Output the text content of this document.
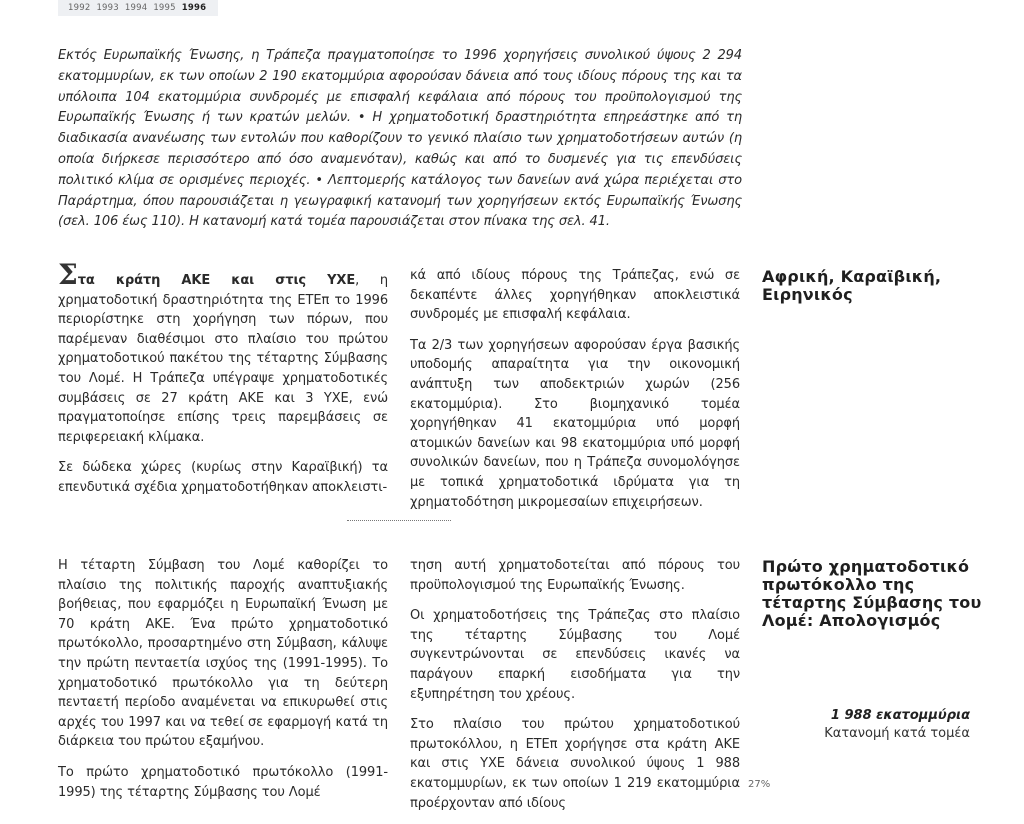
1992 1993 1994 1995 1996

Εκτός Ευρωπαϊκής Ένωσης, η Τράπεζα πραγματοποίησε το 1996 χορηγήσεις συνολικού ύψους 2 294 εκατομμυρίων, εκ των οποίων 2 190 εκατομμύρια αφορούσαν δάνεια από τους ιδίους πόρους της και τα υπόλοιπα 104 εκατομμύρια συνδρομές με επισφαλή κεφάλαια από πόρους του προϋπολογισμού της Ευρωπαϊκής Ένωσης ή των κρατών μελών. • Η χρηματοδοτική δραστηριότητα επηρεάστηκε από τη διαδικασία ανανέωσης των εντολών που καθορίζουν το γενικό πλαίσιο των χρηματοδοτήσεων αυτών (η οποία διήρκεσε περισσότερο από όσο αναμενόταν), καθώς και από το δυσμενές για τις επενδύσεις πολιτικό κλίμα σε ορισμένες περιοχές. • Λεπτομερής κατάλογος των δανείων ανά χώρα περιέχεται στο Παράρτημα, όπου παρουσιάζεται η γεωγραφική κατανομή των χορηγήσεων εκτός Ευρωπαϊκής Ένωσης (σελ. 106 έως 110). Η κατανομή κατά τομέα παρουσιάζεται στον πίνακα της σελ. 41.

Στα κράτη ΑΚΕ και στις ΥΧΕ, η χρηματοδοτική δραστηριότητα της ΕΤΕπ το 1996 περιορίστηκε στη χορήγηση των πόρων, που παρέμεναν διαθέσιμοι στο πλαίσιο του πρώτου χρηματοδοτικού πακέτου της τέταρτης Σύμβασης του Λομέ. Η Τράπεζα υπέγραψε χρηματοδοτικές συμβάσεις σε 27 κράτη ΑΚΕ και 3 ΥΧΕ, ενώ πραγματοποίησε επίσης τρεις παρεμβάσεις σε περιφερειακή κλίμακα.

Σε δώδεκα χώρες (κυρίως στην Καραϊβική) τα επενδυτικά σχέδια χρηματοδοτήθηκαν αποκλειστι-

κά από ιδίους πόρους της Τράπεζας, ενώ σε δεκαπέντε άλλες χορηγήθηκαν αποκλειστικά συνδρομές με επισφαλή κεφάλαια.

Τα 2/3 των χορηγήσεων αφορούσαν έργα βασικής υποδομής απαραίτητα για την οικονομική ανάπτυξη των αποδεκτριών χωρών (256 εκατομμύρια). Στο βιομηχανικό τομέα χορηγήθηκαν 41 εκατομμύρια υπό μορφή ατομικών δανείων και 98 εκατομμύρια υπό μορφή συνολικών δανείων, που η Τράπεζα συνομολόγησε με τοπικά χρηματοδοτικά ιδρύματα για τη χρηματοδότηση μικρομεσαίων επιχειρήσεων.

Αφρική, Καραϊβική, Ειρηνικός

Η τέταρτη Σύμβαση του Λομέ καθορίζει το πλαίσιο της πολιτικής παροχής αναπτυξιακής βοήθειας, που εφαρμόζει η Ευρωπαϊκή Ένωση με 70 κράτη ΑΚΕ. Ένα πρώτο χρηματοδοτικό πρωτόκολλο, προσαρτημένο στη Σύμβαση, κάλυψε την πρώτη πενταετία ισχύος της (1991-1995). Το χρηματοδοτικό πρωτόκολλο για τη δεύτερη πενταετή περίοδο αναμένεται να επικυρωθεί στις αρχές του 1997 και να τεθεί σε εφαρμογή κατά τη διάρκεια του πρώτου εξαμήνου.

Το πρώτο χρηματοδοτικό πρωτόκολλο (1991-1995) της τέταρτης Σύμβασης του Λομέ

τηση αυτή χρηματοδοτείται από πόρους του προϋπολογισμού της Ευρωπαϊκής Ένωσης.

Οι χρηματοδοτήσεις της Τράπεζας στο πλαίσιο της τέταρτης Σύμβασης του Λομέ συγκεντρώνονται σε επενδύσεις ικανές να παράγουν επαρκή εισοδήματα για την εξυπηρέτηση του χρέους.

Στο πλαίσιο του πρώτου χρηματοδοτικού πρωτοκόλλου, η ΕΤΕπ χορήγησε στα κράτη ΑΚΕ και στις ΥΧΕ δάνεια συνολικού ύψους 1 988 εκατομμυρίων, εκ των οποίων 1 219 εκατομμύρια προέρχονταν από ιδίους

Πρώτο χρηματοδοτικό πρωτόκολλο της τέταρτης Σύμβασης του Λομέ: Απολογισμός
1 988 εκατομμύρια
Κατανομή κατά τομέα
27%
